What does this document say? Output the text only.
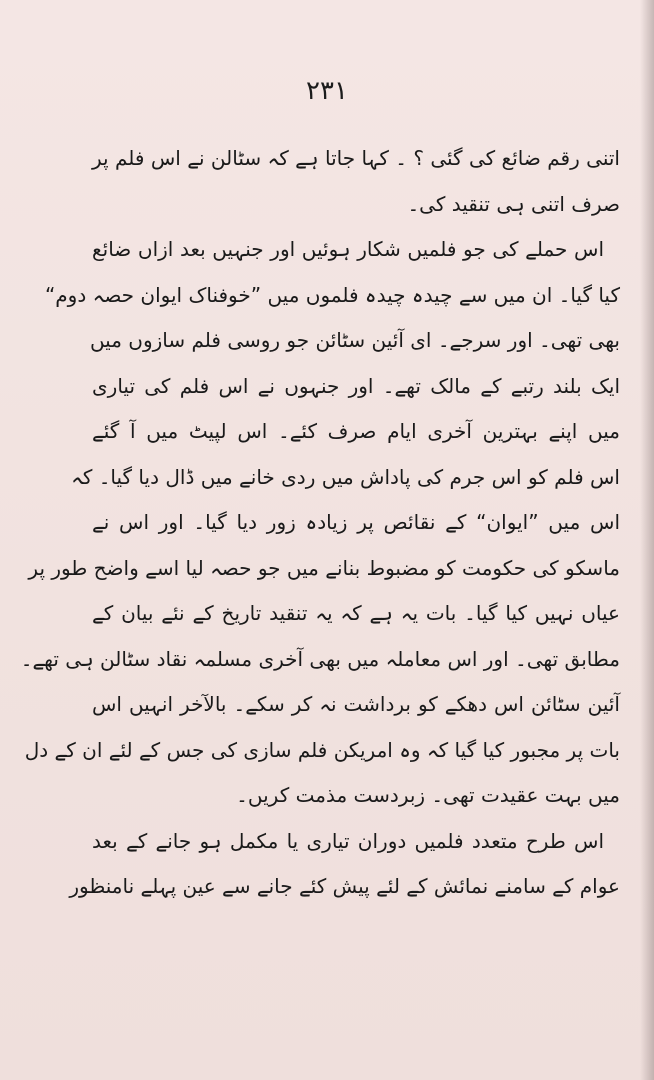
۲۳۱
اتنی رقم ضائع کی گئی ؟ ۔ کہا جاتا ہے کہ سٹالن نے اس فلم پر
صرف اتنی ہی تنقید کی۔
اس حملے کی جو فلمیں شکار ہوئیں اور جنہیں بعد ازاں ضائع
کیا گیا۔ ان میں سے چیدہ چیدہ فلموں میں ”خوفناک ایوان حصہ دوم“
بھی تھی۔ اور سرجے۔ ای آئین سٹائن جو روسی فلم سازوں میں
ایک بلند رتبے کے مالک تھے۔ اور جنہوں نے اس فلم کی تیاری
میں اپنے بہترین آخری ایام صرف کئے۔ اس لپیٹ میں آ گئے
اس فلم کو اس جرم کی پاداش میں ردی خانے میں ڈال دیا گیا۔ کہ
اس میں ”ایوان“ کے نقائص پر زیادہ زور دیا گیا۔ اور اس نے
ماسکو کی حکومت کو مضبوط بنانے میں جو حصہ لیا اسے واضح طور پر
عیاں نہیں کیا گیا۔ بات یہ ہے کہ یہ تنقید تاریخ کے نئے بیان کے
مطابق تھی۔ اور اس معاملہ میں بھی آخری مسلمہ نقاد سٹالن ہی تھے۔
آئین سٹائن اس دھکے کو برداشت نہ کر سکے۔ بالآخر انہیں اس
بات پر مجبور کیا گیا کہ وہ امریکن فلم سازی کی جس کے لئے ان کے دل
میں بہت عقیدت تھی۔ زبردست مذمت کریں۔
اس طرح متعدد فلمیں دوران تیاری یا مکمل ہو جانے کے بعد
عوام کے سامنے نمائش کے لئے پیش کئے جانے سے عین پہلے نامنظور
